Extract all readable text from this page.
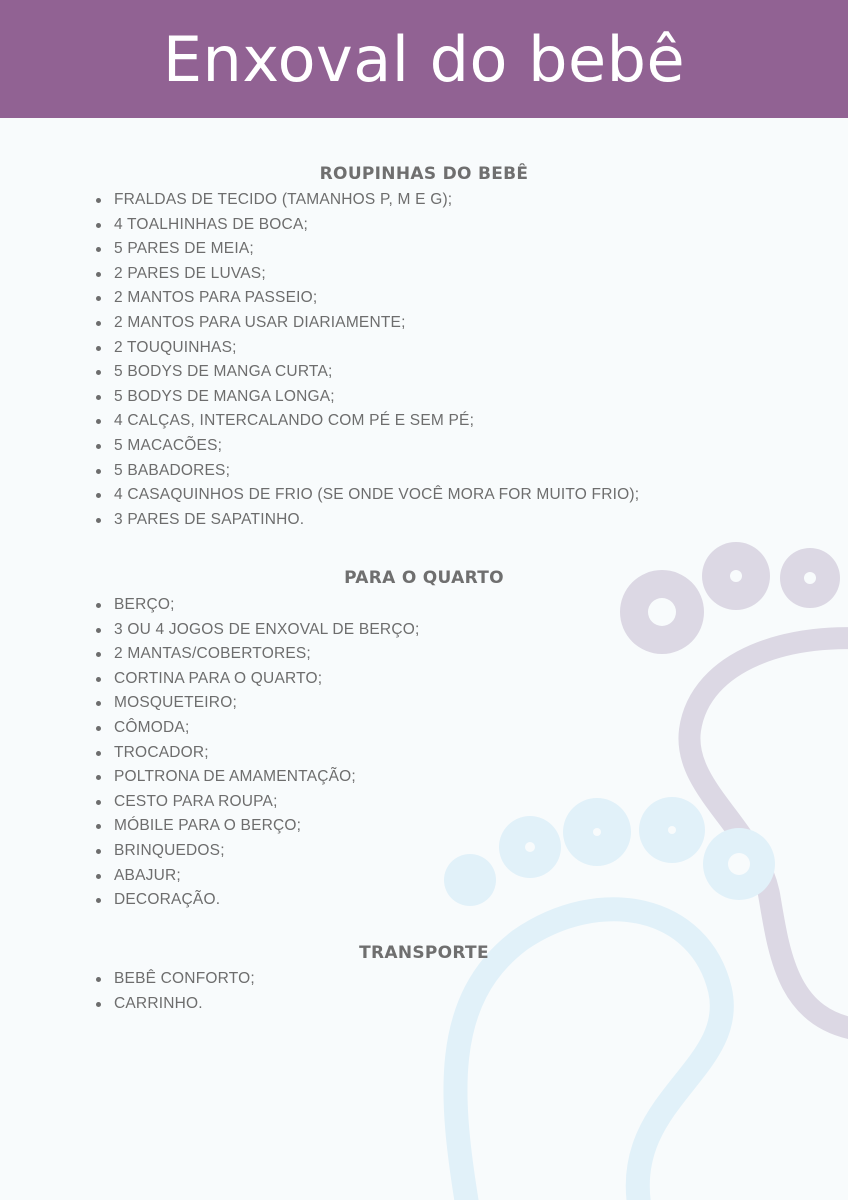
Enxoval do bebê
ROUPINHAS DO BEBÊ
FRALDAS DE TECIDO (TAMANHOS P, M E G);
4 TOALHINHAS DE BOCA;
5 PARES DE MEIA;
2 PARES DE LUVAS;
2 MANTOS PARA PASSEIO;
2 MANTOS PARA USAR DIARIAMENTE;
2 TOUQUINHAS;
5 BODYS DE MANGA CURTA;
5 BODYS DE MANGA LONGA;
4 CALÇAS, INTERCALANDO COM PÉ E SEM PÉ;
5 MACACÕES;
5 BABADORES;
4 CASAQUINHOS DE FRIO (SE ONDE VOCÊ MORA FOR MUITO FRIO);
3 PARES DE SAPATINHO.
PARA O QUARTO
BERÇO;
3 OU 4 JOGOS DE ENXOVAL DE BERÇO;
2 MANTAS/COBERTORES;
CORTINA PARA O QUARTO;
MOSQUETEIRO;
CÔMODA;
TROCADOR;
POLTRONA DE AMAMENTAÇÃO;
CESTO PARA ROUPA;
MÓBILE PARA O BERÇO;
BRINQUEDOS;
ABAJUR;
DECORAÇÃO.
TRANSPORTE
BEBÊ CONFORTO;
CARRINHO.
